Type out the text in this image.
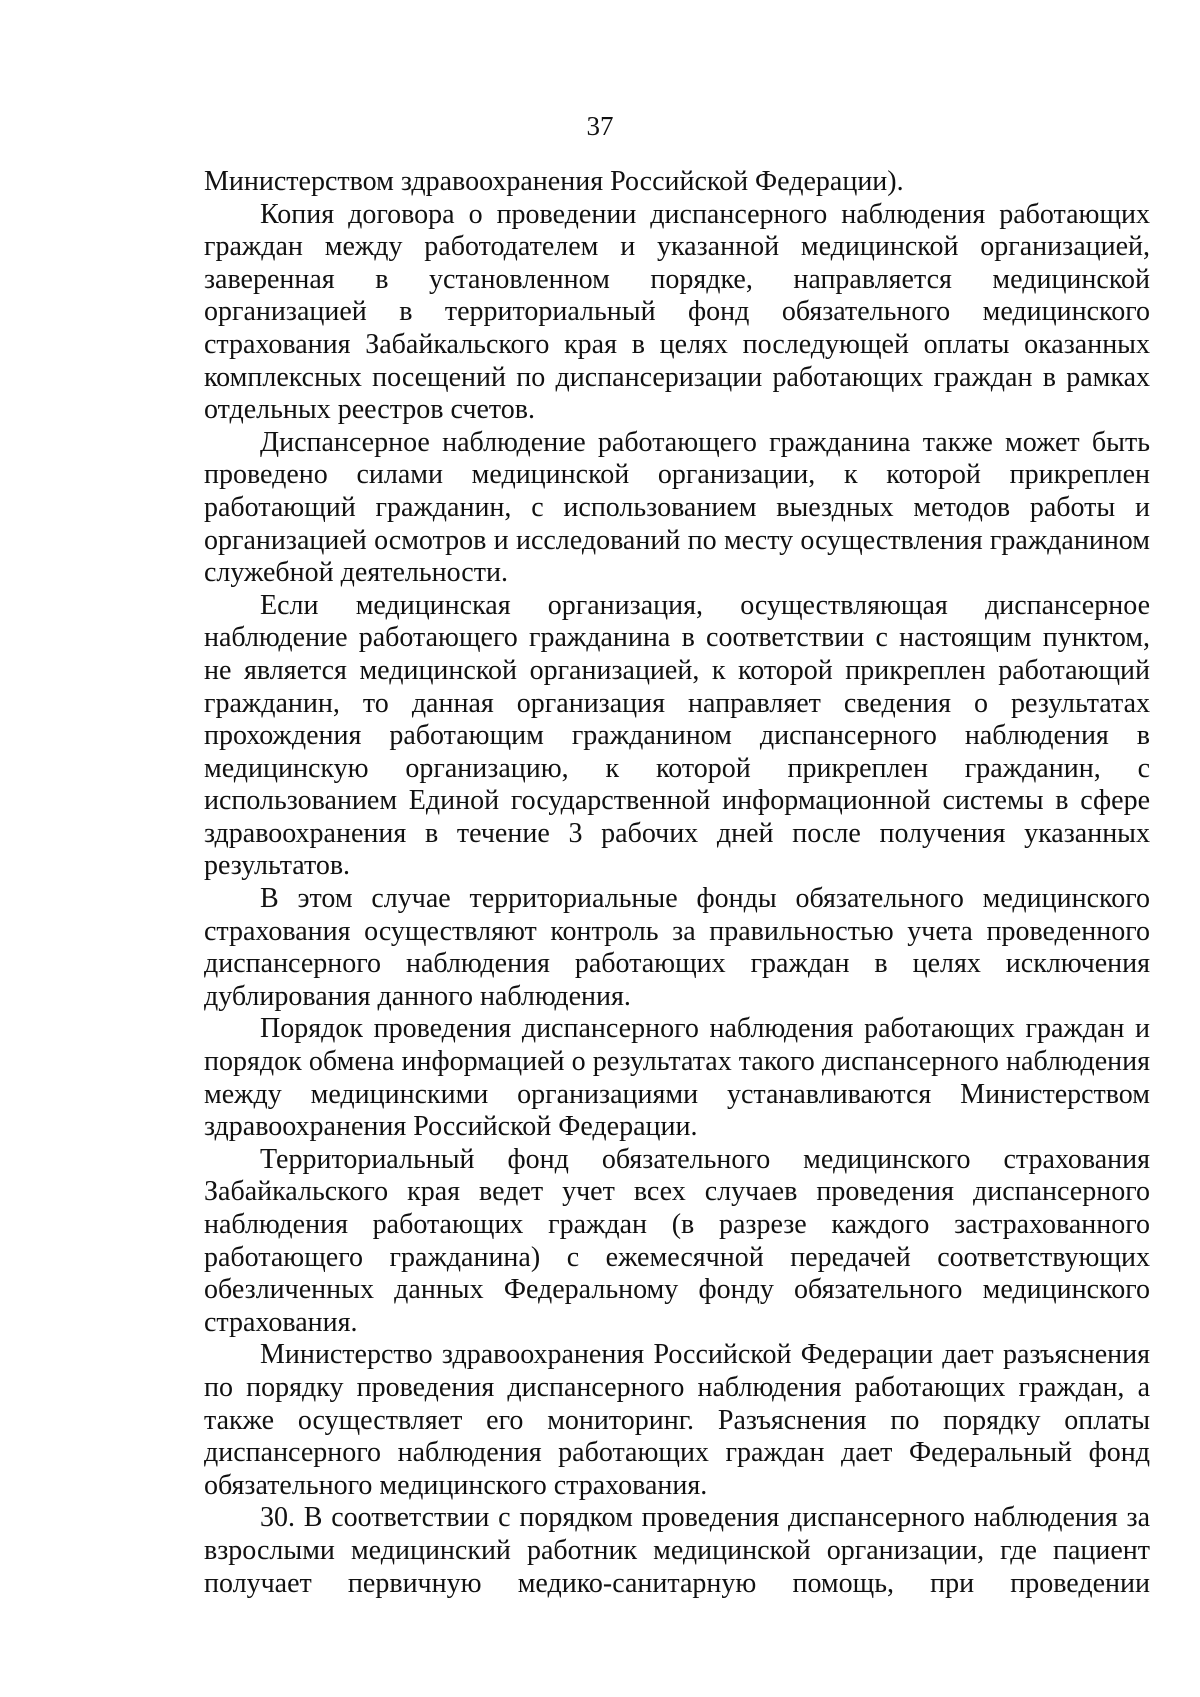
37

Министерством здравоохранения Российской Федерации).

Копия договора о проведении диспансерного наблюдения работающих граждан между работодателем и указанной медицинской организацией, заверенная в установленном порядке, направляется медицинской организацией в территориальный фонд обязательного медицинского страхования Забайкальского края в целях последующей оплаты оказанных комплексных посещений по диспансеризации работающих граждан в рамках отдельных реестров счетов.

Диспансерное наблюдение работающего гражданина также может быть проведено силами медицинской организации, к которой прикреплен работающий гражданин, с использованием выездных методов работы и организацией осмотров и исследований по месту осуществления гражданином служебной деятельности.

Если медицинская организация, осуществляющая диспансерное наблюдение работающего гражданина в соответствии с настоящим пунктом, не является медицинской организацией, к которой прикреплен работающий гражданин, то данная организация направляет сведения о результатах прохождения работающим гражданином диспансерного наблюдения в медицинскую организацию, к которой прикреплен гражданин, с использованием Единой государственной информационной системы в сфере здравоохранения в течение 3 рабочих дней после получения указанных результатов.

В этом случае территориальные фонды обязательного медицинского страхования осуществляют контроль за правильностью учета проведенного диспансерного наблюдения работающих граждан в целях исключения дублирования данного наблюдения.

Порядок проведения диспансерного наблюдения работающих граждан и порядок обмена информацией о результатах такого диспансерного наблюдения между медицинскими организациями устанавливаются Министерством здравоохранения Российской Федерации.

Территориальный фонд обязательного медицинского страхования Забайкальского края ведет учет всех случаев проведения диспансерного наблюдения работающих граждан (в разрезе каждого застрахованного работающего гражданина) с ежемесячной передачей соответствующих обезличенных данных Федеральному фонду обязательного медицинского страхования.

Министерство здравоохранения Российской Федерации дает разъяснения по порядку проведения диспансерного наблюдения работающих граждан, а также осуществляет его мониторинг. Разъяснения по порядку оплаты диспансерного наблюдения работающих граждан дает Федеральный фонд обязательного медицинского страхования.

30. В соответствии с порядком проведения диспансерного наблюдения за взрослыми медицинский работник медицинской организации, где пациент получает первичную медико-санитарную помощь, при проведении
